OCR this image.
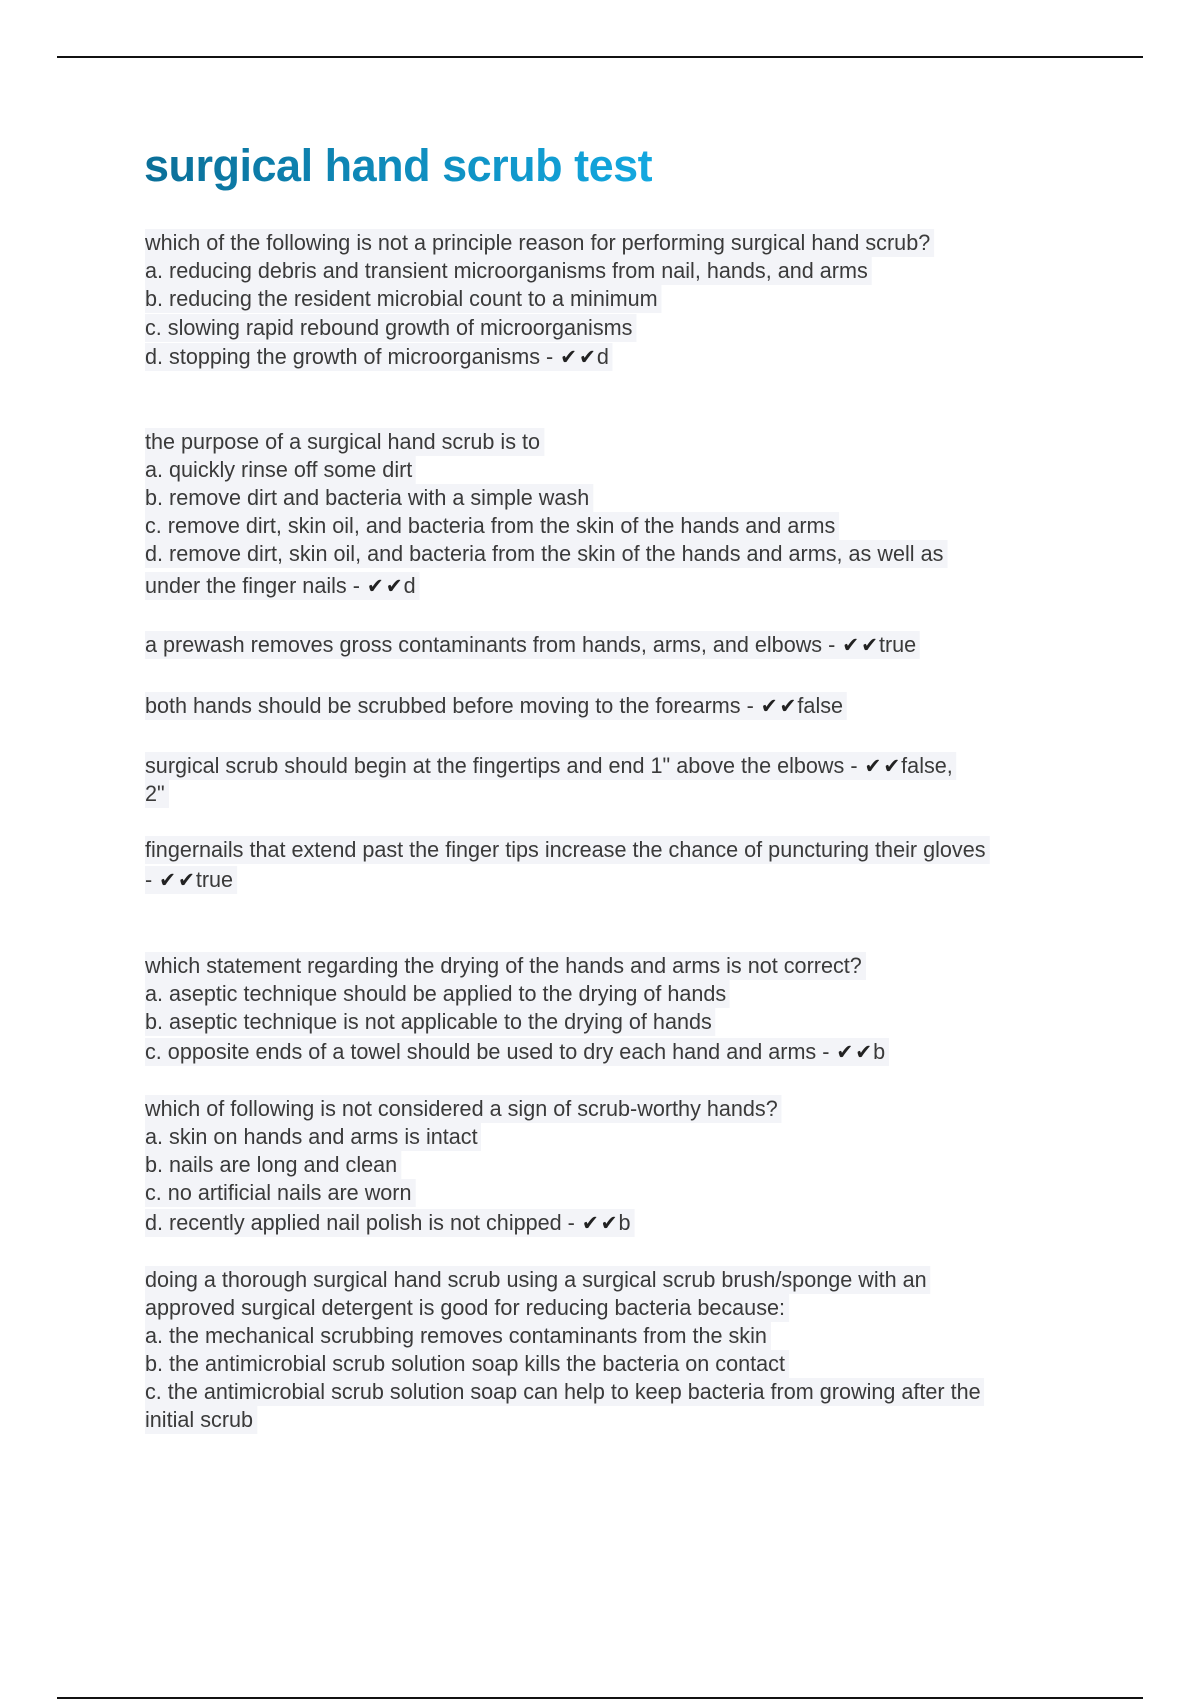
surgical hand scrub test
which of the following is not a principle reason for performing surgical hand scrub?
a. reducing debris and transient microorganisms from nail, hands, and arms
b. reducing the resident microbial count to a minimum
c. slowing rapid rebound growth of microorganisms
d. stopping the growth of microorganisms - ✔✔d
the purpose of a surgical hand scrub is to
a. quickly rinse off some dirt
b. remove dirt and bacteria with a simple wash
c. remove dirt, skin oil, and bacteria from the skin of the hands and arms
d. remove dirt, skin oil, and bacteria from the skin of the hands and arms, as well as
under the finger nails - ✔✔d
a prewash removes gross contaminants from hands, arms, and elbows - ✔✔true
both hands should be scrubbed before moving to the forearms - ✔✔false
surgical scrub should begin at the fingertips and end 1" above the elbows - ✔✔false,
2"
fingernails that extend past the finger tips increase the chance of puncturing their gloves
- ✔✔true
which statement regarding the drying of the hands and arms is not correct?
a. aseptic technique should be applied to the drying of hands
b. aseptic technique is not applicable to the drying of hands
c. opposite ends of a towel should be used to dry each hand and arms - ✔✔b
which of following is not considered a sign of scrub-worthy hands?
a. skin on hands and arms is intact
b. nails are long and clean
c. no artificial nails are worn
d. recently applied nail polish is not chipped - ✔✔b
doing a thorough surgical hand scrub using a surgical scrub brush/sponge with an
approved surgical detergent is good for reducing bacteria because:
a. the mechanical scrubbing removes contaminants from the skin
b. the antimicrobial scrub solution soap kills the bacteria on contact
c. the antimicrobial scrub solution soap can help to keep bacteria from growing after the
initial scrub
